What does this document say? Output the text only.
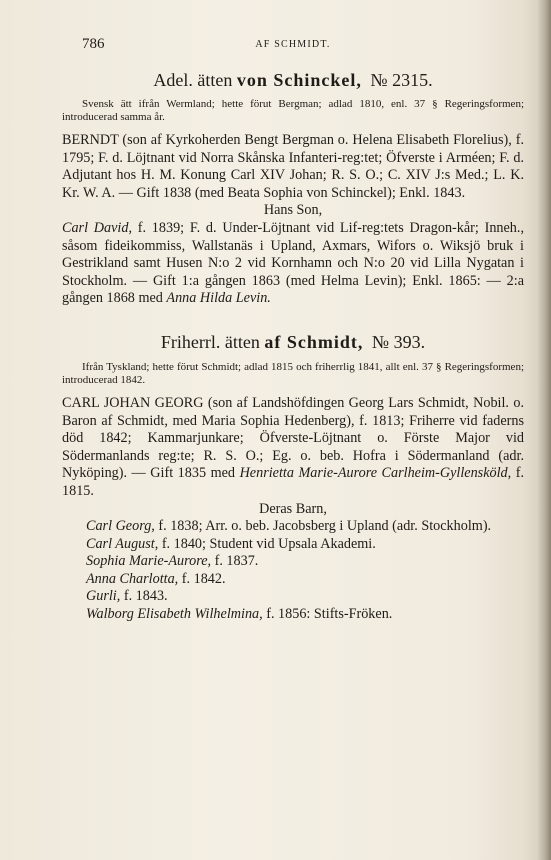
786	AF SCHMIDT.
Adel. ätten von Schinckel, № 2315.
Svensk ätt ifrån Wermland; hette förut Bergman; adlad 1810, enl. 37 § Regeringsformen; introducerad samma år.
BERNDT (son af Kyrkoherden Bengt Bergman o. Helena Elisabeth Florelius), f. 1795; F. d. Löjtnant vid Norra Skånska Infanteri-reg:tet; Öfverste i Arméen; F. d. Adjutant hos H. M. Konung Carl XIV Johan; R. S. O.; C. XIV J:s Med.; L. K. Kr. W. A. — Gift 1838 (med Beata Sophia von Schinckel); Enkl. 1843.
Hans Son,
Carl David, f. 1839; F. d. Under-Löjtnant vid Lif-reg:tets Dragon-kår; Inneh., såsom fideikommiss, Wallstanäs i Upland, Axmars, Wifors o. Wiksjö bruk i Gestrikland samt Husen N:o 2 vid Kornhamn och N:o 20 vid Lilla Nygatan i Stockholm. — Gift 1:a gången 1863 (med Helma Levin); Enkl. 1865: — 2:a gången 1868 med Anna Hilda Levin.
Friherrl. ätten af Schmidt, № 393.
Ifrån Tyskland; hette förut Schmidt; adlad 1815 och friherrlig 1841, allt enl. 37 § Regeringsformen; introducerad 1842.
CARL JOHAN GEORG (son af Landshöfdingen Georg Lars Schmidt, Nobil. o. Baron af Schmidt, med Maria Sophia Hedenberg), f. 1813; Friherre vid faderns död 1842; Kammarjunkare; Öfverste-Löjtnant o. Förste Major vid Södermanlands reg:te; R. S. O.; Eg. o. beb. Hofra i Södermanland (adr. Nyköping). — Gift 1835 med Henrietta Marie-Aurore Carlheim-Gyllensköld, f. 1815.
Deras Barn,
Carl Georg, f. 1838; Arr. o. beb. Jacobsberg i Upland (adr. Stockholm).
Carl August, f. 1840; Student vid Upsala Akademi.
Sophia Marie-Aurore, f. 1837.
Anna Charlotta, f. 1842.
Gurli, f. 1843.
Walborg Elisabeth Wilhelmina, f. 1856: Stifts-Fröken.
